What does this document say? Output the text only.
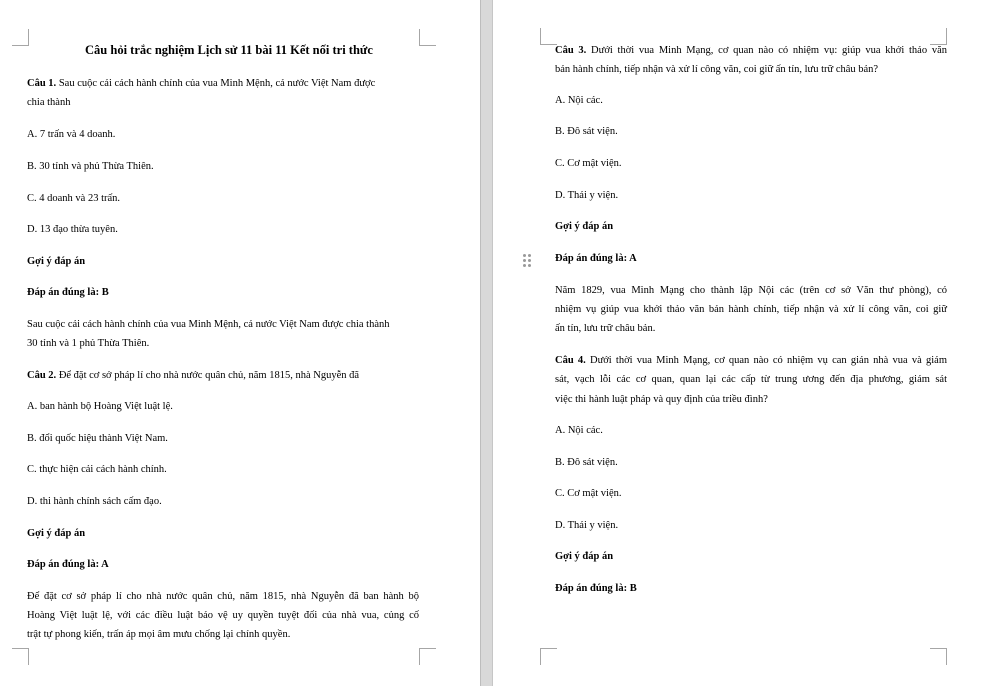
Câu hỏi trắc nghiệm Lịch sử 11 bài 11 Kết nối tri thức

Câu 1. Sau cuộc cải cách hành chính của vua Minh Mệnh, cả nước Việt Nam được

chia thành

A. 7 trấn và 4 doanh.

B. 30 tỉnh và phủ Thừa Thiên.

C. 4 doanh và 23 trấn.

D. 13 đạo thừa tuyên.

Gợi ý đáp án

Đáp án đúng là: B

Sau cuộc cải cách hành chính của vua Minh Mệnh, cả nước Việt Nam được chia thành

30 tỉnh và 1 phủ Thừa Thiên.

Câu 2. Để đặt cơ sở pháp lí cho nhà nước quân chủ, năm 1815, nhà Nguyễn đã

A. ban hành bộ Hoàng Việt luật lệ.

B. đổi quốc hiệu thành Việt Nam.

C. thực hiện cải cách hành chính.

D. thi hành chính sách cấm đạo.

Gợi ý đáp án

Đáp án đúng là: A

Để đặt cơ sở pháp lí cho nhà nước quân chủ, năm 1815, nhà Nguyễn đã ban hành bộ

Hoàng Việt luật lệ, với các điều luật bảo vệ uy quyền tuyệt đối của nhà vua, củng cố

trật tự phong kiến, trấn áp mọi âm mưu chống lại chính quyền.

Câu 3. Dưới thời vua Minh Mạng, cơ quan nào có nhiệm vụ: giúp vua khởi thảo văn

bản hành chính, tiếp nhận và xử lí công văn, coi giữ ấn tín, lưu trữ châu bản?

A. Nội các.

B. Đô sát viện.

C. Cơ mật viện.

D. Thái y viện.

Gợi ý đáp án

Đáp án đúng là: A

Năm 1829, vua Minh Mạng cho thành lập Nội các (trên cơ sở Văn thư phòng), có

nhiệm vụ giúp vua khởi thảo văn bản hành chính, tiếp nhận và xử lí công văn, coi giữ

ấn tín, lưu trữ châu bản.

Câu 4. Dưới thời vua Minh Mạng, cơ quan nào có nhiệm vụ can gián nhà vua và giám

sát, vạch lỗi các cơ quan, quan lại các cấp từ trung ương đến địa phương, giám sát

việc thi hành luật pháp và quy định của triều đình?

A. Nội các.

B. Đô sát viện.

C. Cơ mật viện.

D. Thái y viện.

Gợi ý đáp án

Đáp án đúng là: B
